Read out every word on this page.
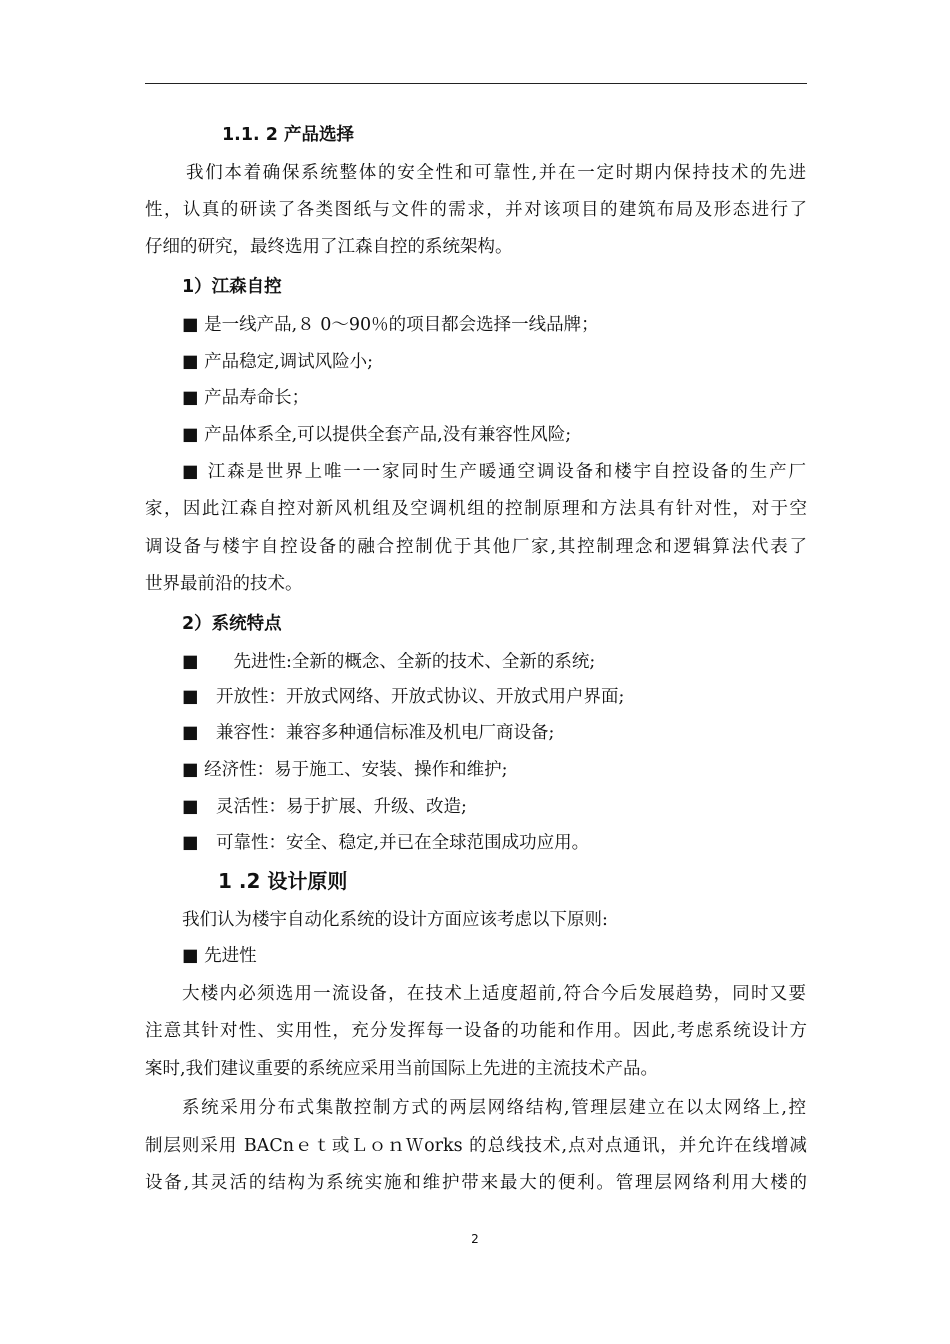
1.1. 2 产品选择
我们本着确保系统整体的安全性和可靠性,并在一定时期内保持技术的先进
性，认真的研读了各类图纸与文件的需求，并对该项目的建筑布局及形态进行了
仔细的研究，最终选用了江森自控的系统架构。
1）江森自控
■ 是一线产品,８ 0～90％的项目都会选择一线品牌；
■ 产品稳定,调试风险小;
■ 产品寿命长；
■ 产品体系全,可以提供全套产品,没有兼容性风险;
■ 江森是世界上唯一一家同时生产暖通空调设备和楼宇自控设备的生产厂
家，因此江森自控对新风机组及空调机组的控制原理和方法具有针对性，对于空
调设备与楼宇自控设备的融合控制优于其他厂家,其控制理念和逻辑算法代表了
世界最前沿的技术。
2）系统特点
■　　先进性:全新的概念、全新的技术、全新的系统;
■　开放性：开放式网络、开放式协议、开放式用户界面;
■　兼容性：兼容多种通信标准及机电厂商设备;
■ 经济性：易于施工、安装、操作和维护;
■　灵活性：易于扩展、升级、改造;
■　可靠性：安全、稳定,并已在全球范围成功应用。
1 .2 设计原则
我们认为楼宇自动化系统的设计方面应该考虑以下原则:
■ 先进性
大楼内必须选用一流设备，在技术上适度超前,符合今后发展趋势，同时又要
注意其针对性、实用性，充分发挥每一设备的功能和作用。因此,考虑系统设计方
案时,我们建议重要的系统应采用当前国际上先进的主流技术产品。
系统采用分布式集散控制方式的两层网络结构,管理层建立在以太网络上,控
制层则采用 BACnｅｔ或ＬｏｎＷorks 的总线技术,点对点通讯，并允许在线增减
设备,其灵活的结构为系统实施和维护带来最大的便利。管理层网络利用大楼的
2
